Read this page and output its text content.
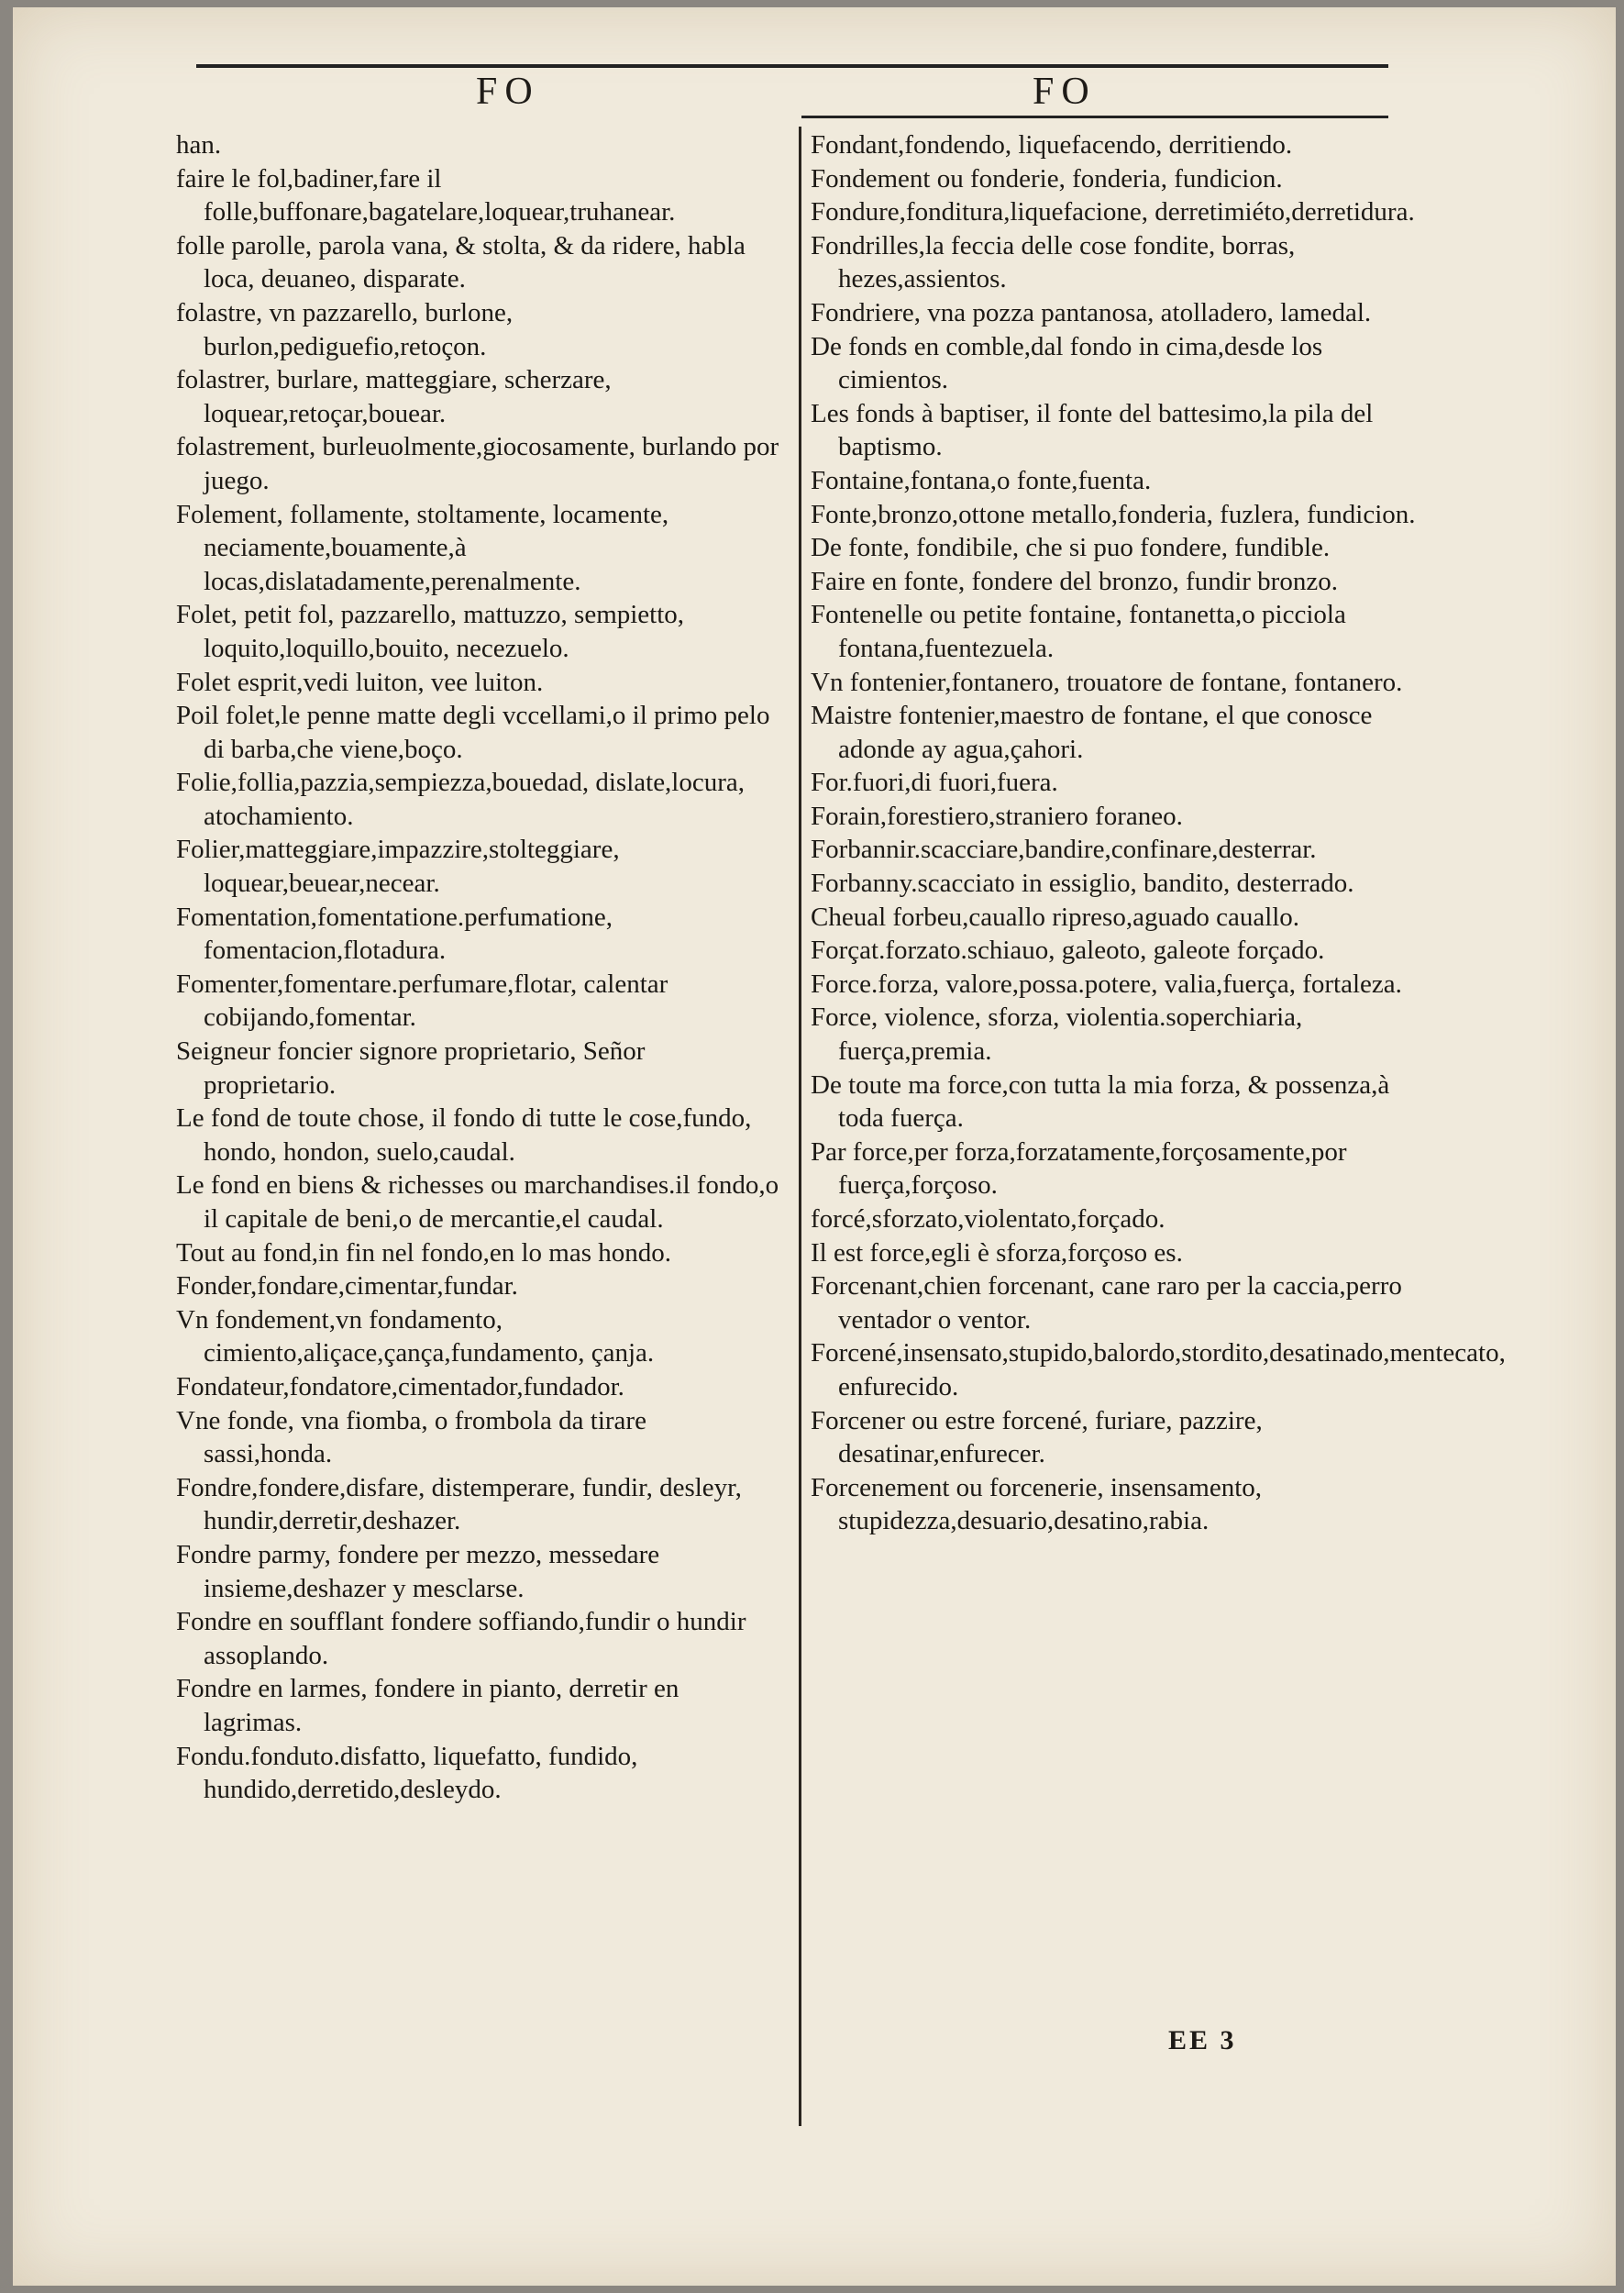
FO	FO

han.

faire le fol,badiner,fare il folle,buffonare,bagatelare,loquear,truhanear.

folle parolle, parola vana, & stolta, & da ridere, habla loca, deuaneo, disparate.

folastre, vn pazzarello, burlone, burlon,pediguefio,retoçon.

folastrer, burlare, matteggiare, scherzare, loquear,retoçar,bouear.

folastrement, burleuolmente,giocosamente, burlando por juego.

Folement, follamente, stoltamente, locamente, neciamente,bouamente,à locas,dislatadamente,perenalmente.

Folet, petit fol, pazzarello, mattuzzo, sempietto, loquito,loquillo,bouito, necezuelo.

Folet esprit,vedi luiton, vee luiton.

Poil folet,le penne matte degli vccellami,o il primo pelo di barba,che viene,boço.

Folie,follia,pazzia,sempiezza,bouedad, dislate,locura, atochamiento.

Folier,matteggiare,impazzire,stolteggiare, loquear,beuear,necear.

Fomentation,fomentatione.perfumatione, fomentacion,flotadura.

Fomenter,fomentare.perfumare,flotar, calentar cobijando,fomentar.

Seigneur foncier signore proprietario, Señor proprietario.

Le fond de toute chose, il fondo di tutte le cose,fundo, hondo, hondon, suelo,caudal.

Le fond en biens & richesses ou marchandises.il fondo,o il capitale de beni,o de mercantie,el caudal.

Tout au fond,in fin nel fondo,en lo mas hondo.

Fonder,fondare,cimentar,fundar.

Vn fondement,vn fondamento, cimiento,aliçace,çança,fundamento, çanja.

Fondateur,fondatore,cimentador,fundador.

Vne fonde, vna fiomba, o frombola da tirare sassi,honda.

Fondre,fondere,disfare, distemperare, fundir, desleyr, hundir,derretir,deshazer.

Fondre parmy, fondere per mezzo, messedare insieme,deshazer y mesclarse.

Fondre en soufflant fondere soffiando,fundir o hundir assoplando.

Fondre en larmes, fondere in pianto, derretir en lagrimas.

Fondu.fonduto.disfatto, liquefatto, fundido, hundido,derretido,desleydo.

Fondant,fondendo, liquefacendo, derritiendo.

Fondement ou fonderie, fonderia, fundicion.

Fondure,fonditura,liquefacione, derretimiéto,derretidura.

Fondrilles,la feccia delle cose fondite, borras, hezes,assientos.

Fondriere, vna pozza pantanosa, atolladero, lamedal.

De fonds en comble,dal fondo in cima,desde los cimientos.

Les fonds à baptiser, il fonte del battesimo,la pila del baptismo.

Fontaine,fontana,o fonte,fuenta.

Fonte,bronzo,ottone metallo,fonderia, fuzlera, fundicion.

De fonte, fondibile, che si puo fondere, fundible.

Faire en fonte, fondere del bronzo, fundir bronzo.

Fontenelle ou petite fontaine, fontanetta,o picciola fontana,fuentezuela.

Vn fontenier,fontanero, trouatore de fontane, fontanero.

Maistre fontenier,maestro de fontane, el que conosce adonde ay agua,çahori.

For.fuori,di fuori,fuera.

Forain,forestiero,straniero foraneo.

Forbannir.scacciare,bandire,confinare,desterrar.

Forbanny.scacciato in essiglio, bandito, desterrado.

Cheual forbeu,cauallo ripreso,aguado cauallo.

Forçat.forzato.schiauo, galeoto, galeote forçado.

Force.forza, valore,possa.potere, valia,fuerça, fortaleza.

Force, violence, sforza, violentia.soperchiaria, fuerça,premia.

De toute ma force,con tutta la mia forza, & possenza,à toda fuerça.

Par force,per forza,forzatamente,forçosamente,por fuerça,forçoso.

forcé,sforzato,violentato,forçado.

Il est force,egli è sforza,forçoso es.

Forcenant,chien forcenant, cane raro per la caccia,perro ventador o ventor.

Forcené,insensato,stupido,balordo,stordito,desatinado,mentecato, enfurecido.

Forcener ou estre forcené, furiare, pazzire, desatinar,enfurecer.

Forcenement ou forcenerie, insensamento, stupidezza,desuario,desatino,rabia.

EE 3
